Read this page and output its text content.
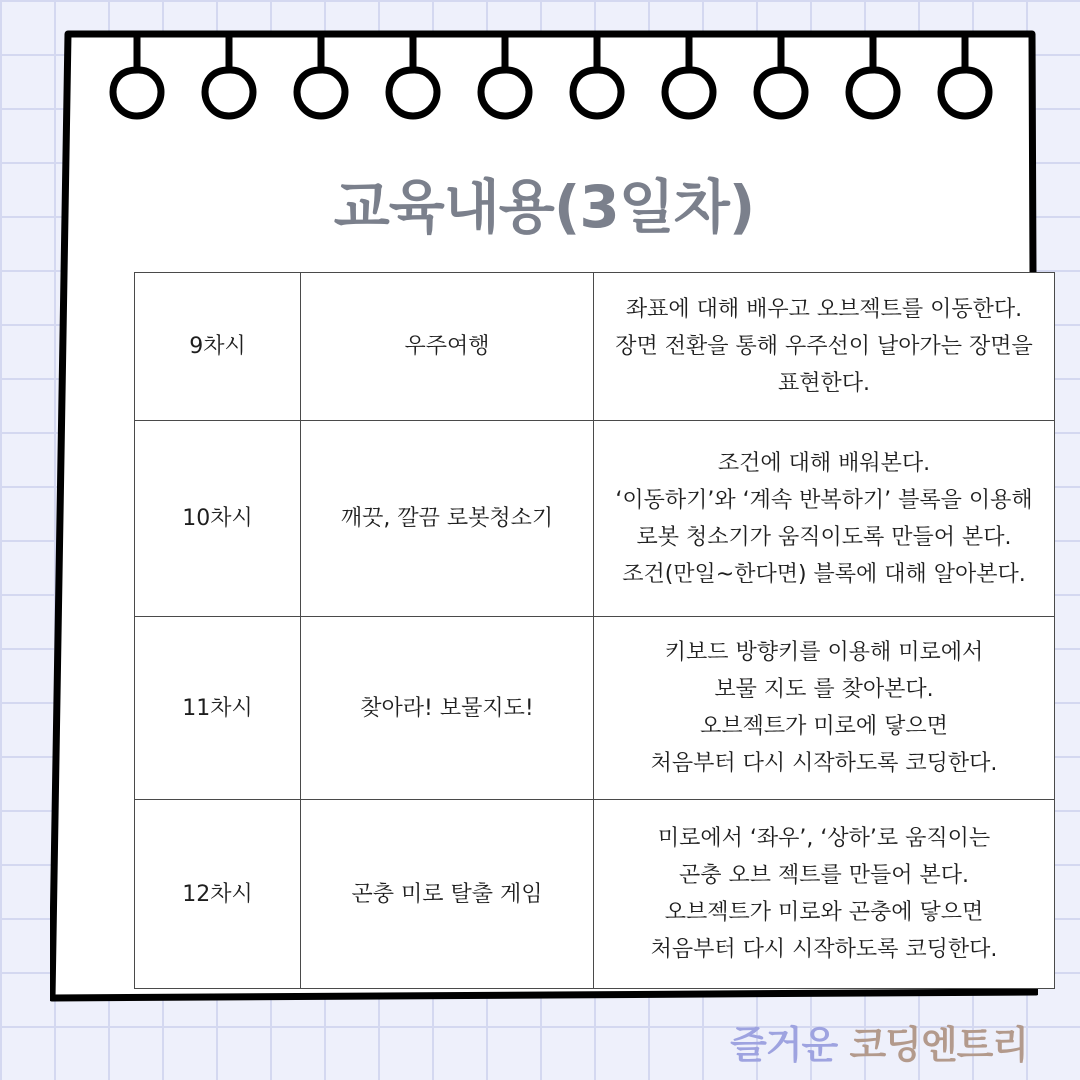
교육내용(3일차)
9차시	우주여행	좌표에 대해 배우고 오브젝트를 이동한다.
장면 전환을 통해 우주선이 날아가는 장면을
표현한다.

10차시	깨끗, 깔끔 로봇청소기	조건에 대해 배워본다.
‘이동하기’와 ‘계속 반복하기’ 블록을 이용해
로봇 청소기가 움직이도록 만들어 본다.
조건(만일~한다면) 블록에 대해 알아본다.

11차시	찾아라! 보물지도!	키보드 방향키를 이용해 미로에서
보물 지도 를 찾아본다.
오브젝트가 미로에 닿으면
처음부터 다시 시작하도록 코딩한다.

12차시	곤충 미로 탈출 게임	미로에서 ‘좌우’, ‘상하’로 움직이는
곤충 오브 젝트를 만들어 본다.
오브젝트가 미로와 곤충에 닿으면
처음부터 다시 시작하도록 코딩한다.
즐거운 코딩엔트리
